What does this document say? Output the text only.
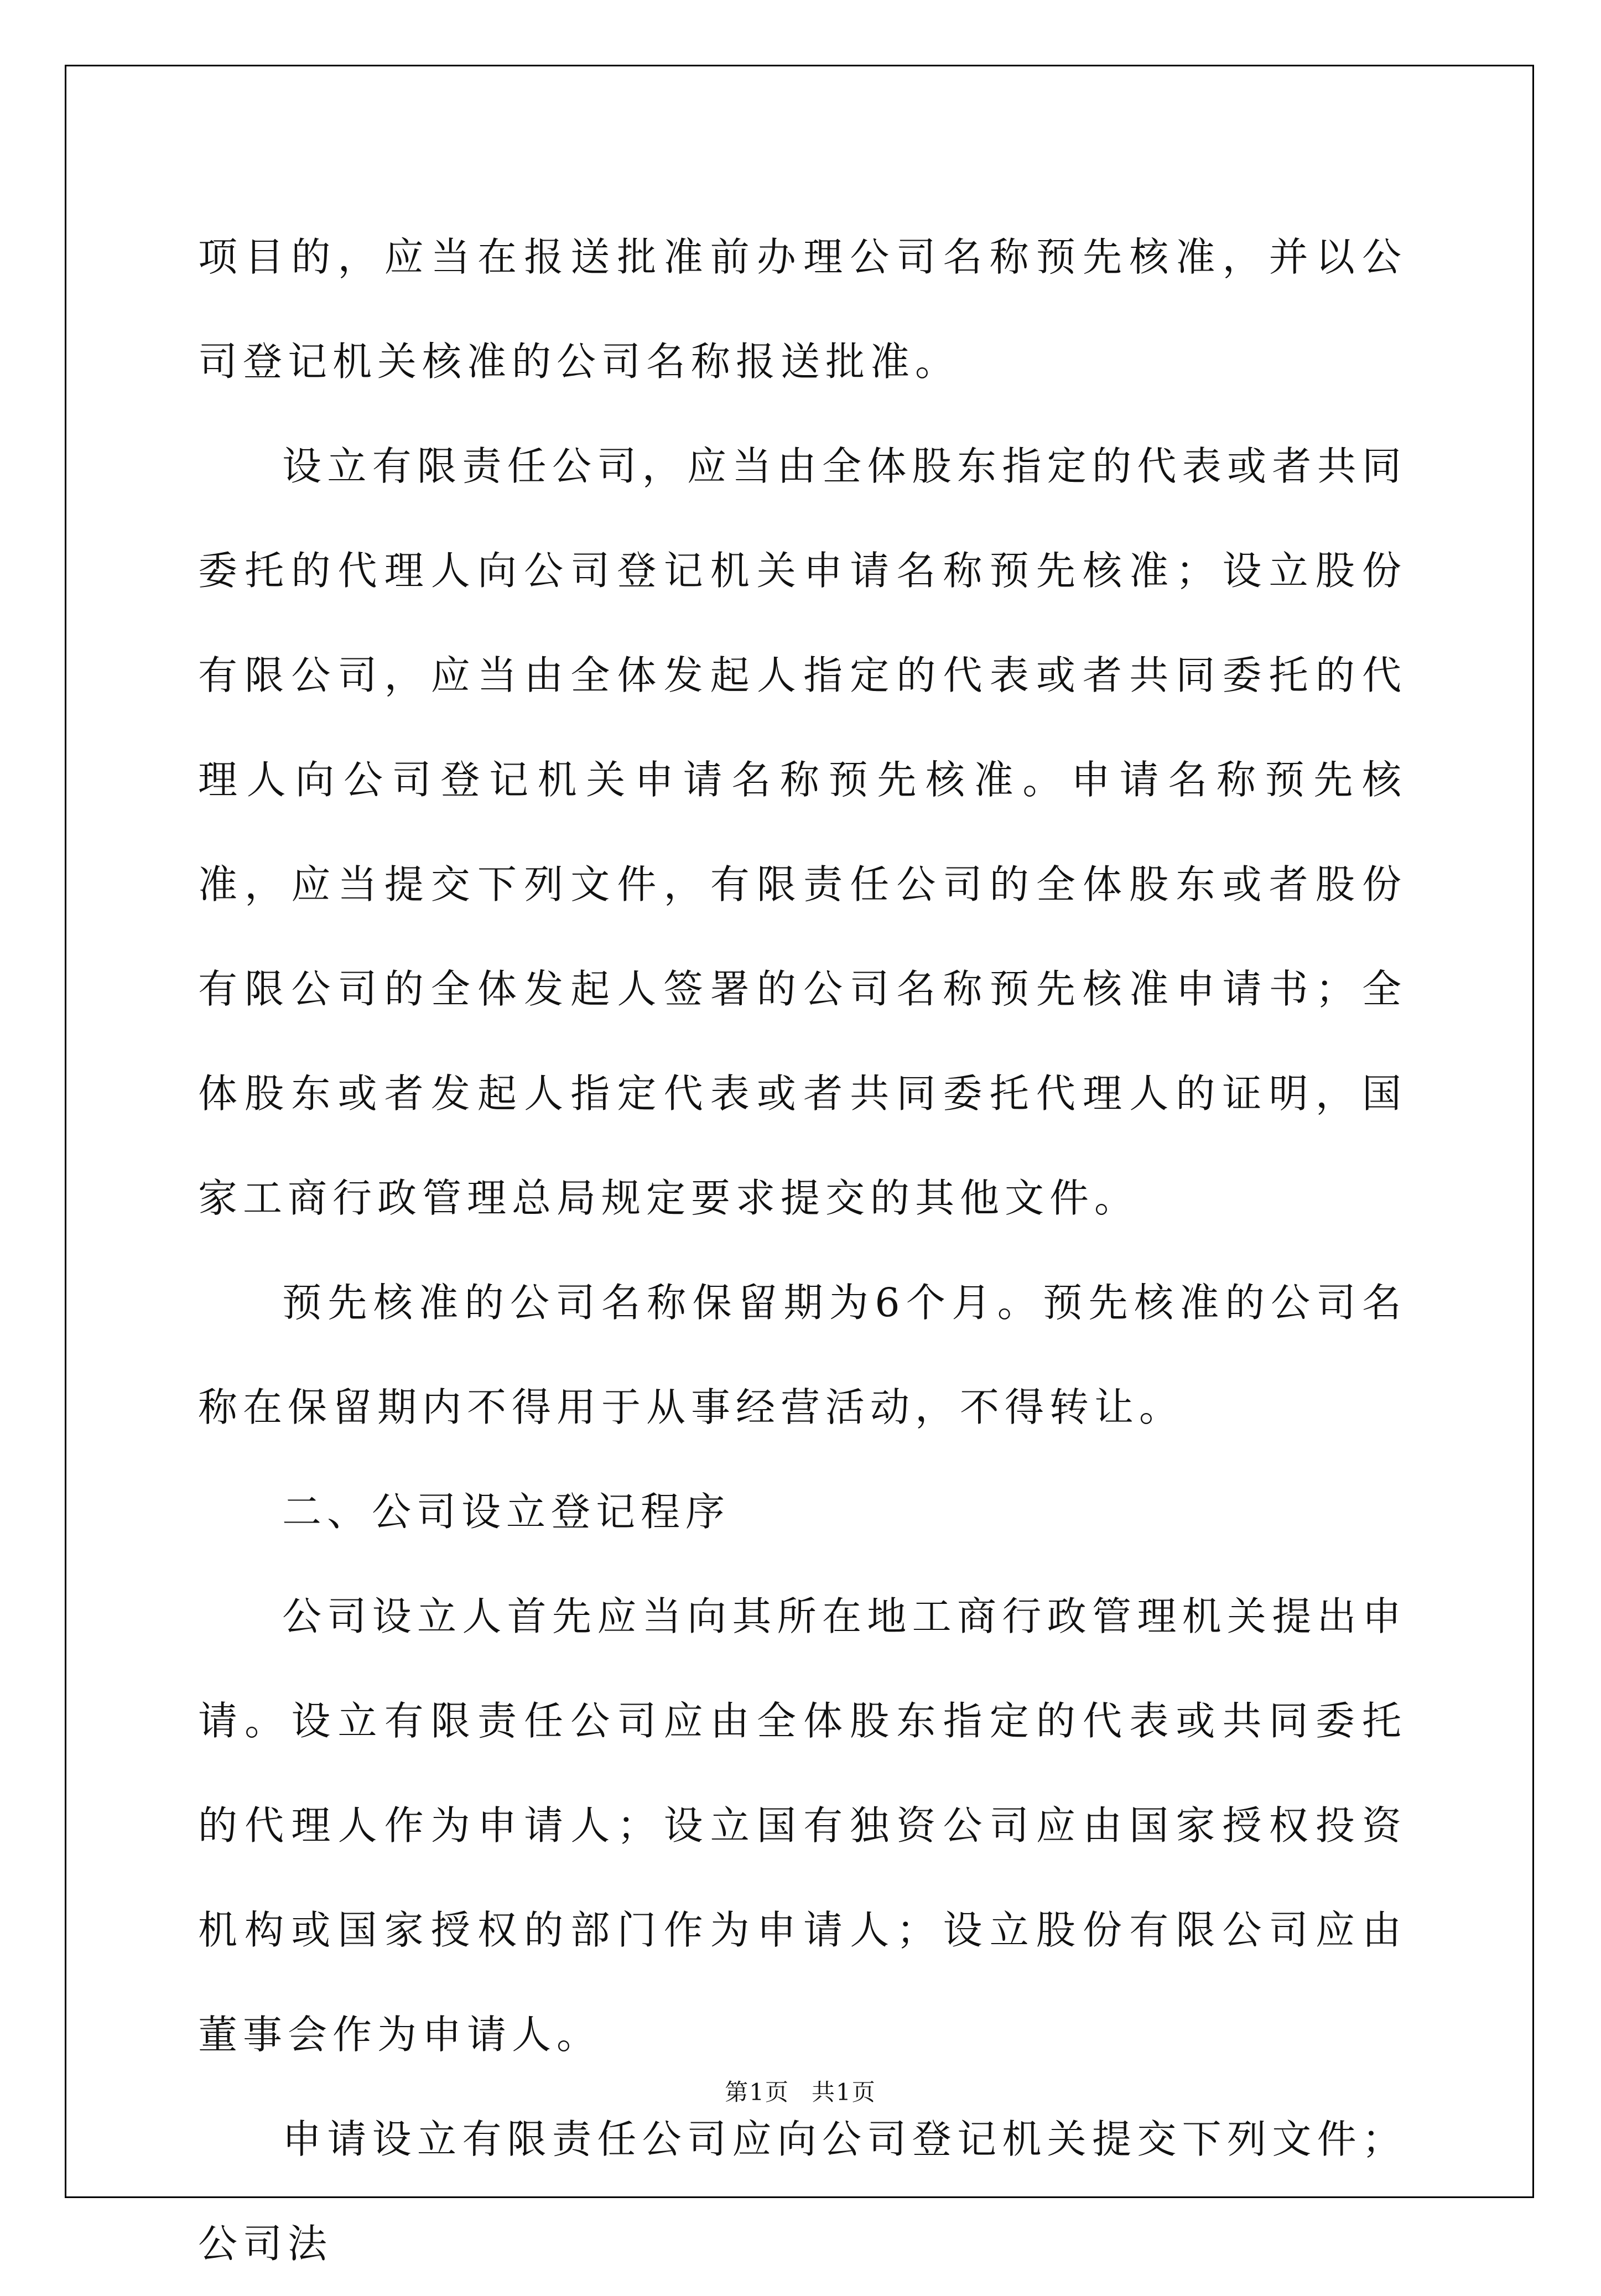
项目的，应当在报送批准前办理公司名称预先核准，并以公司登记机关核准的公司名称报送批准。

设立有限责任公司，应当由全体股东指定的代表或者共同委托的代理人向公司登记机关申请名称预先核准；设立股份有限公司，应当由全体发起人指定的代表或者共同委托的代理人向公司登记机关申请名称预先核准。申请名称预先核准，应当提交下列文件，有限责任公司的全体股东或者股份有限公司的全体发起人签署的公司名称预先核准申请书；全体股东或者发起人指定代表或者共同委托代理人的证明，国家工商行政管理总局规定要求提交的其他文件。

预先核准的公司名称保留期为6个月。预先核准的公司名称在保留期内不得用于从事经营活动，不得转让。

二、公司设立登记程序

公司设立人首先应当向其所在地工商行政管理机关提出申请。设立有限责任公司应由全体股东指定的代表或共同委托的代理人作为申请人；设立国有独资公司应由国家授权投资机构或国家授权的部门作为申请人；设立股份有限公司应由董事会作为申请人。

申请设立有限责任公司应向公司登记机关提交下列文件；公司法

第1页 共1页
